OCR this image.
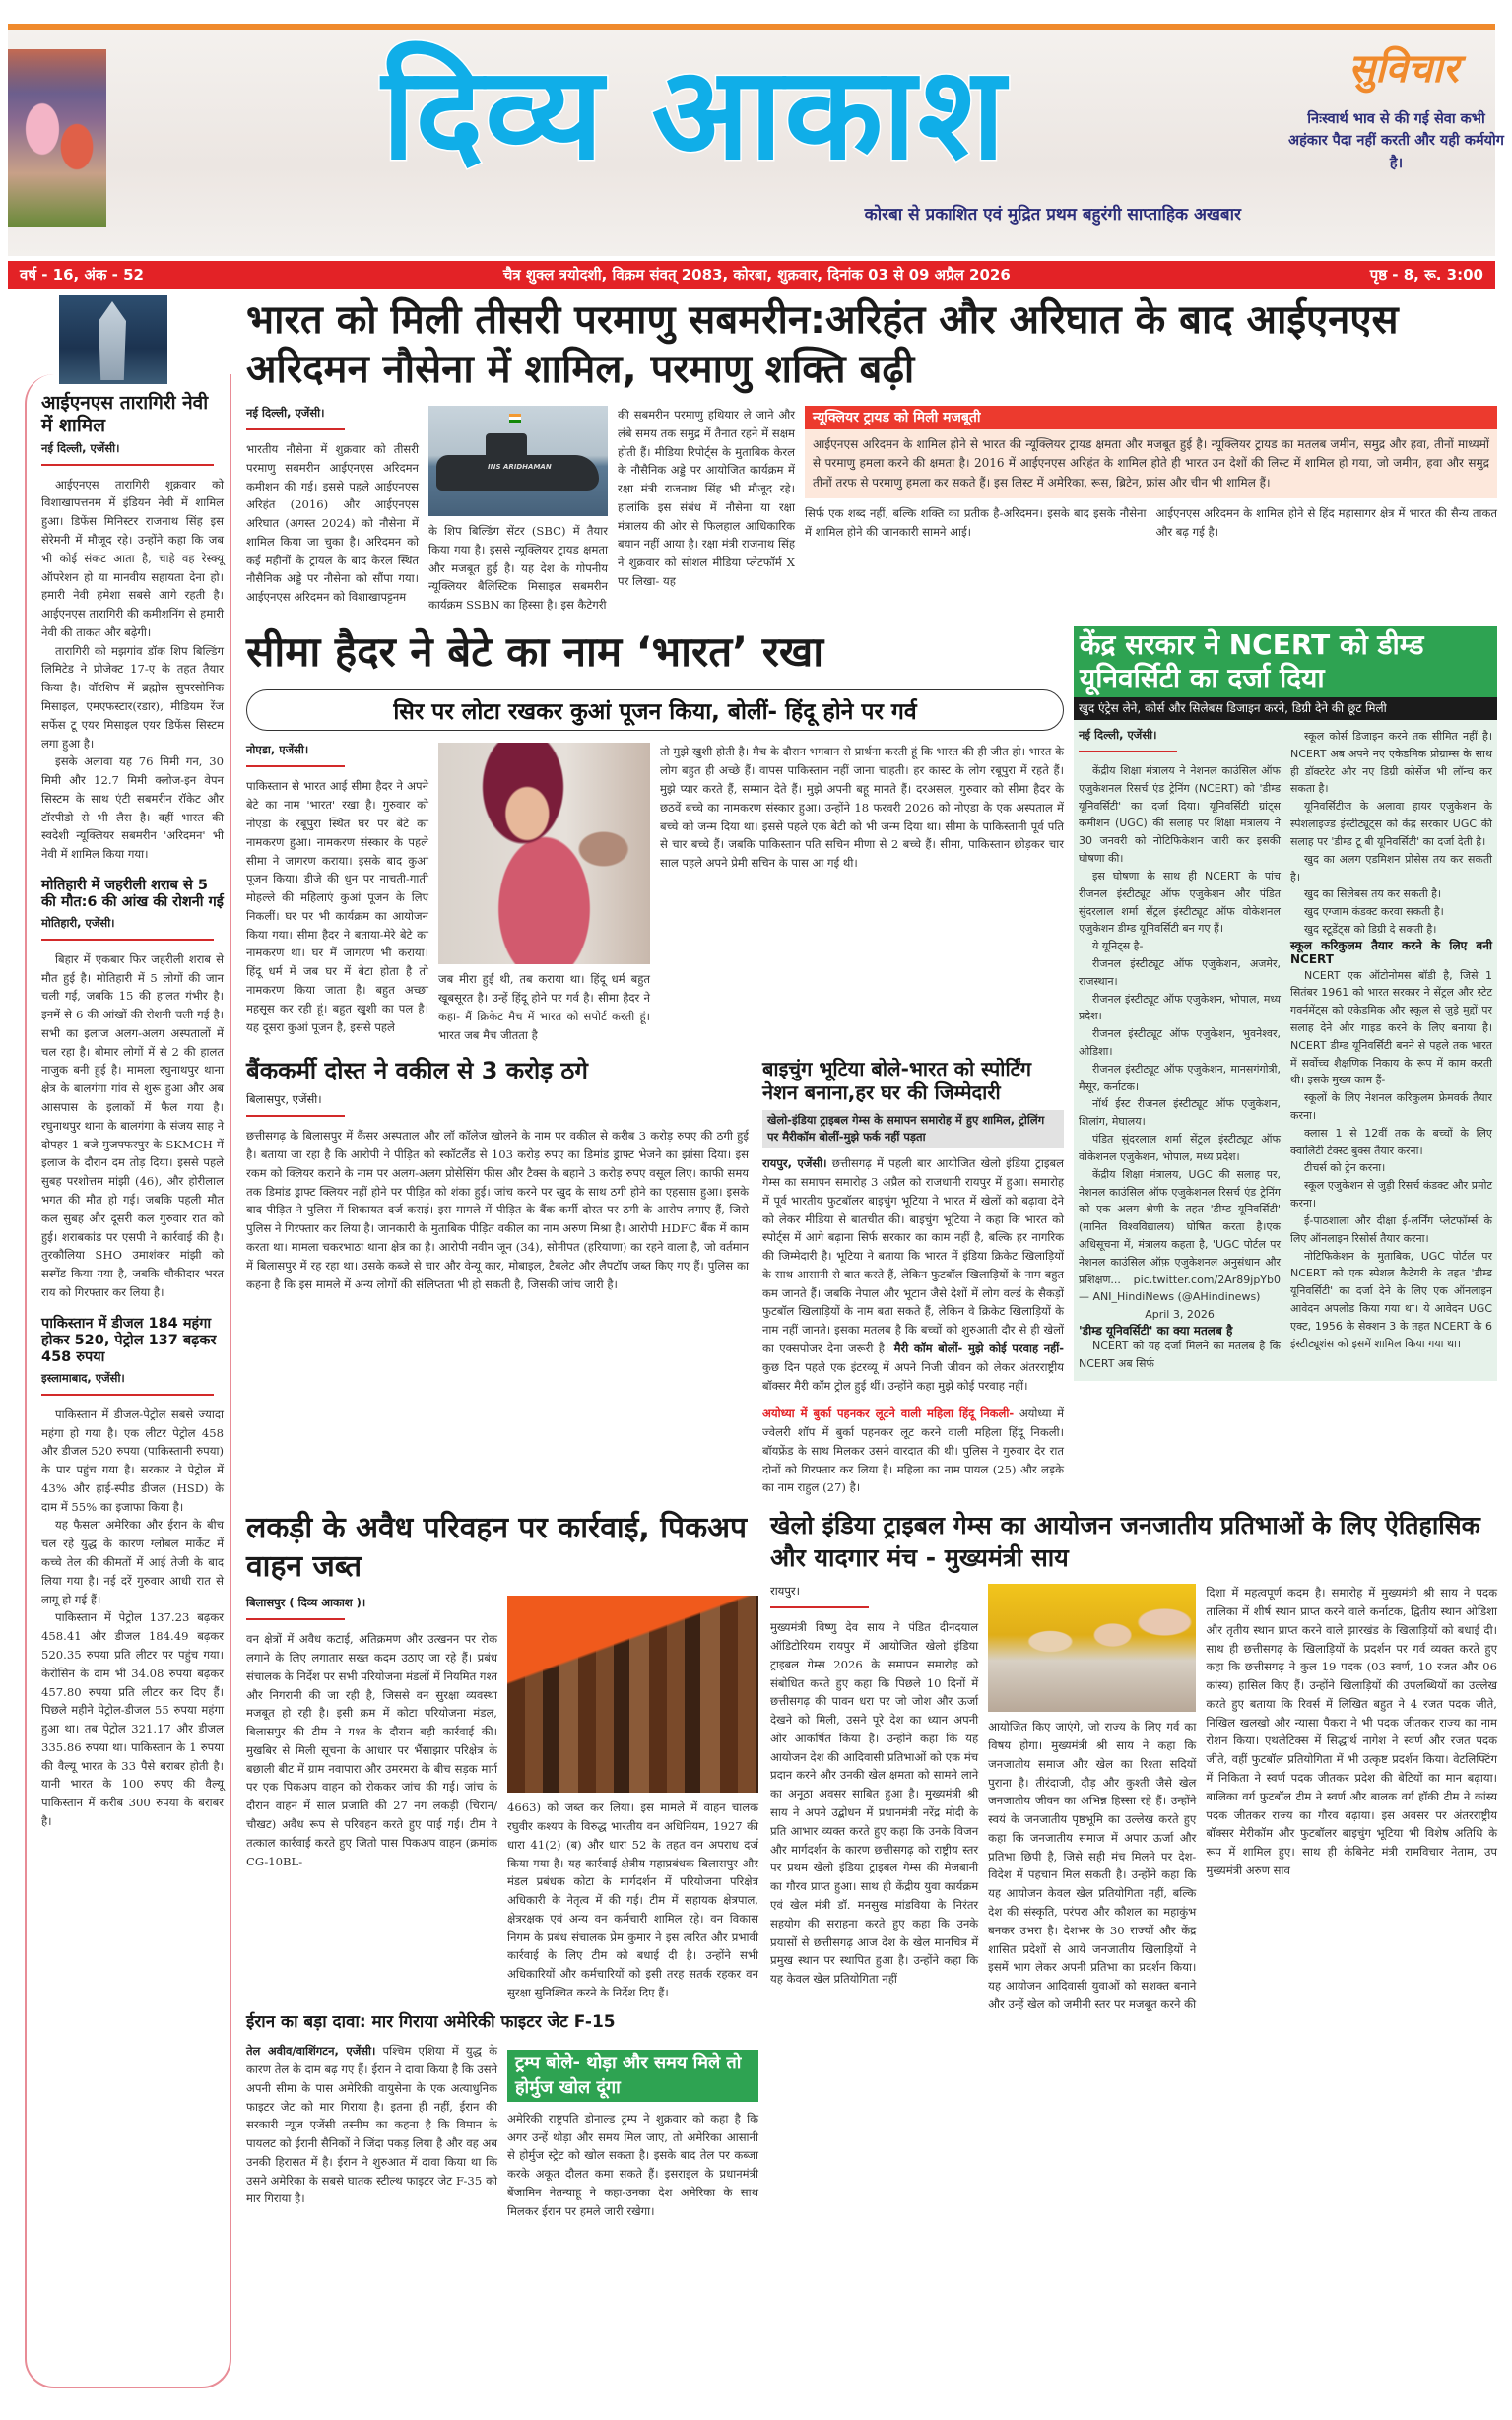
दिव्य आकाश
कोरबा से प्रकाशित एवं मुद्रित प्रथम बहुरंगी साप्ताहिक अखबार
सुविचार
निःस्वार्थ भाव से की गई सेवा कभी अहंकार पैदा नहीं करती और यही कर्मयोग है।
वर्ष - 16, अंक - 52	चैत्र शुक्ल त्रयोदशी, विक्रम संवत् 2083, कोरबा, शुक्रवार, दिनांक 03 से 09 अप्रैल 2026	पृष्ठ - 8, रू. 3:00
आईएनएस तारागिरी नेवी में शामिल
नई दिल्ली, एजेंसी।

आईएनएस तारागिरी शुक्रवार को विशाखापत्तनम में इंडियन नेवी में शामिल हुआ। डिफेंस मिनिस्टर राजनाथ सिंह इस सेरेमनी में मौजूद रहे। उन्होंने कहा कि जब भी कोई संकट आता है, चाहे वह रेस्क्यू ऑपरेशन हो या मानवीय सहायता देना हो। हमारी नेवी हमेशा सबसे आगे रहती है। आईएनएस तारागिरी की कमीशनिंग से हमारी नेवी की ताकत और बढ़ेगी।

तारागिरी को मझगांव डॉक शिप बिल्डिंग लिमिटेड ने प्रोजेक्ट 17-ए के तहत तैयार किया है। वॉरशिप में ब्रह्मोस सुपरसोनिक मिसाइल, एमएफस्टार(रडार), मीडियम रेंज सर्फेस टू एयर मिसाइल एयर डिफेंस सिस्टम लगा हुआ है।

इसके अलावा यह 76 मिमी गन, 30 मिमी और 12.7 मिमी क्लोज-इन वेपन सिस्टम के साथ एंटी सबमरीन रॉकेट और टॉरपीडो से भी लैस है। वहीं भारत की स्वदेशी न्यूक्लियर सबमरीन 'अरिदमन' भी नेवी में शामिल किया गया।

मोतिहारी में जहरीली शराब से 5 की मौत:6 की आंख की रोशनी गई
मोतिहारी, एजेंसी।

बिहार में एकबार फिर जहरीली शराब से मौत हुई है। मोतिहारी में 5 लोगों की जान चली गई, जबकि 15 की हालत गंभीर है। इनमें से 6 की आंखों की रोशनी चली गई है। सभी का इलाज अलग-अलग अस्पतालों में चल रहा है। बीमार लोगों में से 2 की हालत नाजुक बनी हुई है। मामला रघुनाथपुर थाना क्षेत्र के बालगंगा गांव से शुरू हुआ और अब आसपास के इलाकों में फैल गया है। रघुनाथपुर थाना के बालगंगा के संजय साह ने दोपहर 1 बजे मुजफ्फरपुर के SKMCH में इलाज के दौरान दम तोड़ दिया। इससे पहले सुबह परशोत्तम मांझी (46), और होरीलाल भगत की मौत हो गई। जबकि पहली मौत कल सुबह और दूसरी कल गुरुवार रात को हुई। शराबकांड पर एसपी ने कार्रवाई की है। तुरकौलिया SHO उमाशंकर मांझी को सस्पेंड किया गया है, जबकि चौकीदार भरत राय को गिरफ्तार कर लिया है।

पाकिस्तान में डीजल 184 महंगा होकर 520, पेट्रोल 137 बढ़कर 458 रुपया
इस्लामाबाद, एजेंसी।

पाकिस्तान में डीजल-पेट्रोल सबसे ज्यादा महंगा हो गया है। एक लीटर पेट्रोल 458 और डीजल 520 रुपया (पाकिस्तानी रुपया) के पार पहुंच गया है। सरकार ने पेट्रोल में 43% और हाई-स्पीड डीजल (HSD) के दाम में 55% का इजाफा किया है।

यह फैसला अमेरिका और ईरान के बीच चल रहे युद्ध के कारण ग्लोबल मार्केट में कच्चे तेल की कीमतों में आई तेजी के बाद लिया गया है। नई दरें गुरुवार आधी रात से लागू हो गई हैं।

पाकिस्तान में पेट्रोल 137.23 बढ़कर 458.41 और डीजल 184.49 बढ़कर 520.35 रुपया प्रति लीटर पर पहुंच गया। केरोसिन के दाम भी 34.08 रुपया बढ़कर 457.80 रुपया प्रति लीटर कर दिए हैं। पिछले महीने पेट्रोल-डीजल 55 रुपया महंगा हुआ था। तब पेट्रोल 321.17 और डीजल 335.86 रुपया था। पाकिस्तान के 1 रुपया की वैल्यू भारत के 33 पैसे बराबर होती है। यानी भारत के 100 रुपए की वैल्यू पाकिस्तान में करीब 300 रुपया के बराबर है।

भारत को मिली तीसरी परमाणु सबमरीन:अरिहंत और अरिघात के बाद आईएनएस अरिदमन नौसेना में शामिल, परमाणु शक्ति बढ़ी
नई दिल्ली, एजेंसी।
भारतीय नौसेना में शुक्रवार को तीसरी परमाणु सबमरीन आईएनएस अरिदमन कमीशन की गई। इससे पहले आईएनएस अरिहंत (2016) और आईएनएस अरिघात (अगस्त 2024) को नौसेना में शामिल किया जा चुका है। अरिदमन को कई महीनों के ट्रायल के बाद केरल स्थित नौसैनिक अड्डे पर नौसेना को सौंपा गया। आईएनएस अरिदमन को विशाखापट्टनम
INS ARIDHAMAN
के शिप बिल्डिंग सेंटर (SBC) में तैयार किया गया है। इससे न्यूक्लियर ट्रायड क्षमता और मजबूत हुई है। यह देश के गोपनीय न्यूक्लियर बैलिस्टिक मिसाइल सबमरीन कार्यक्रम SSBN का हिस्सा है। इस कैटेगरी
की सबमरीन परमाणु हथियार ले जाने और लंबे समय तक समुद्र में तैनात रहने में सक्षम होती हैं। मीडिया रिपोर्ट्स के मुताबिक केरल के नौसैनिक अड्डे पर आयोजित कार्यक्रम में रक्षा मंत्री राजनाथ सिंह भी मौजूद रहे। हालांकि इस संबंध में नौसेना या रक्षा मंत्रालय की ओर से फिलहाल आधिकारिक बयान नहीं आया है। रक्षा मंत्री राजनाथ सिंह ने शुक्रवार को सोशल मीडिया प्लेटफॉर्म X पर लिखा- यह
न्यूक्लियर ट्रायड को मिली मजबूती
आईएनएस अरिदमन के शामिल होने से भारत की न्यूक्लियर ट्रायड क्षमता और मजबूत हुई है। न्यूक्लियर ट्रायड का मतलब जमीन, समुद्र और हवा, तीनों माध्यमों से परमाणु हमला करने की क्षमता है। 2016 में आईएनएस अरिहंत के शामिल होते ही भारत उन देशों की लिस्ट में शामिल हो गया, जो जमीन, हवा और समुद्र तीनों तरफ से परमाणु हमला कर सकते हैं। इस लिस्ट में अमेरिका, रूस, ब्रिटेन, फ्रांस और चीन भी शामिल हैं।
सिर्फ एक शब्द नहीं, बल्कि शक्ति का प्रतीक है-अरिदमन। इसके बाद इसके नौसेना में शामिल होने की जानकारी सामने आई।
आईएनएस अरिदमन के शामिल होने से हिंद महासागर क्षेत्र में भारत की सैन्य ताकत और बढ़ गई है।
सीमा हैदर ने बेटे का नाम ‘भारत’ रखा
सिर पर लोटा रखकर कुआं पूजन किया, बोलीं- हिंदू होने पर गर्व
नोएडा, एजेंसी।
पाकिस्तान से भारत आई सीमा हैदर ने अपने बेटे का नाम 'भारत' रखा है। गुरुवार को नोएडा के रबूपुरा स्थित घर पर बेटे का नामकरण हुआ। नामकरण संस्कार के पहले सीमा ने जागरण कराया। इसके बाद कुआं पूजन किया। डीजे की धुन पर नाचती-गाती मोहल्ले की महिलाएं कुआं पूजन के लिए निकलीं। घर पर भी कार्यक्रम का आयोजन किया गया। सीमा हैदर ने बताया-मेरे बेटे का नामकरण था। घर में जागरण भी कराया। हिंदू धर्म में जब घर में बेटा होता है तो नामकरण किया जाता है। बहुत अच्छा महसूस कर रही हूं। बहुत खुशी का पल है। यह दूसरा कुआं पूजन है, इससे पहले
जब मीरा हुई थी, तब कराया था। हिंदू धर्म बहुत खूबसूरत है। उन्हें हिंदू होने पर गर्व है। सीमा हैदर ने कहा- मैं क्रिकेट मैच में भारत को सपोर्ट करती हूं। भारत जब मैच जीतता है
तो मुझे खुशी होती है। मैच के दौरान भगवान से प्रार्थना करती हूं कि भारत की ही जीत हो। भारत के लोग बहुत ही अच्छे हैं। वापस पाकिस्तान नहीं जाना चाहती। हर कास्ट के लोग रबूपुरा में रहते हैं। मुझे प्यार करते हैं, सम्मान देते हैं। मुझे अपनी बहू मानते हैं। दरअसल, गुरुवार को सीमा हैदर के छठवें बच्चे का नामकरण संस्कार हुआ। उन्होंने 18 फरवरी 2026 को नोएडा के एक अस्पताल में बच्चे को जन्म दिया था। इससे पहले एक बेटी को भी जन्म दिया था। सीमा के पाकिस्तानी पूर्व पति से चार बच्चे हैं। जबकि पाकिस्तान पति सचिन मीणा से 2 बच्चे हैं। सीमा, पाकिस्तान छोड़कर चार साल पहले अपने प्रेमी सचिन के पास आ गई थी।
बैंककर्मी दोस्त ने वकील से 3 करोड़ ठगे
बिलासपुर, एजेंसी।
छत्तीसगढ़ के बिलासपुर में कैंसर अस्पताल और लॉ कॉलेज खोलने के नाम पर वकील से करीब 3 करोड़ रुपए की ठगी हुई है। बताया जा रहा है कि आरोपी ने पीड़ित को स्कॉटलैंड से 103 करोड़ रुपए का डिमांड ड्राफ्ट भेजने का झांसा दिया। इस रकम को क्लियर कराने के नाम पर अलग-अलग प्रोसेसिंग फीस और टैक्स के बहाने 3 करोड़ रुपए वसूल लिए। काफी समय तक डिमांड ड्राफ्ट क्लियर नहीं होने पर पीड़ित को शंका हुई। जांच करने पर खुद के साथ ठगी होने का एहसास हुआ। इसके बाद पीड़ित ने पुलिस में शिकायत दर्ज कराई। इस मामले में पीड़ित के बैंक कर्मी दोस्त पर ठगी के आरोप लगाए हैं, जिसे पुलिस ने गिरफ्तार कर लिया है। जानकारी के मुताबिक पीड़ित वकील का नाम अरुण मिश्रा है। आरोपी HDFC बैंक में काम करता था। मामला चकरभाठा थाना क्षेत्र का है। आरोपी नवीन जून (34), सोनीपत (हरियाणा) का रहने वाला है, जो वर्तमान में बिलासपुर में रह रहा था। उसके कब्जे से चार और वेन्यू कार, मोबाइल, टैबलेट और लैपटॉप जब्त किए गए हैं। पुलिस का कहना है कि इस मामले में अन्य लोगों की संलिप्तता भी हो सकती है, जिसकी जांच जारी है।
बाइचुंग भूटिया बोले-भारत को स्पोर्टिंग नेशन बनाना,हर घर की जिम्मेदारी
खेलो-इंडिया ट्राइबल गेम्स के समापन समारोह में हुए शामिल, ट्रोलिंग पर मैरीकॉम बोलीं-मुझे फर्क नहीं पड़ता
रायपुर, एजेंसी। छत्तीसगढ़ में पहली बार आयोजित खेलो इंडिया ट्राइबल गेम्स का समापन समारोह 3 अप्रैल को राजधानी रायपुर में हुआ। समारोह में पूर्व भारतीय फुटबॉलर बाइचुंग भूटिया ने भारत में खेलों को बढ़ावा देने को लेकर मीडिया से बातचीत की। बाइचुंग भूटिया ने कहा कि भारत को स्पोर्ट्स में आगे बढ़ाना सिर्फ सरकार का काम नहीं है, बल्कि हर नागरिक की जिम्मेदारी है। भूटिया ने बताया कि भारत में इंडिया क्रिकेट खिलाड़ियों के साथ आसानी से बात करते हैं, लेकिन फुटबॉल खिलाड़ियों के नाम बहुत कम जानते हैं। जबकि नेपाल और भूटान जैसे देशों में लोग वर्ल्ड के सैकड़ों फुटबॉल खिलाड़ियों के नाम बता सकते हैं, लेकिन वे क्रिकेट खिलाड़ियों के नाम नहीं जानते। इसका मतलब है कि बच्चों को शुरुआती दौर से ही खेलों का एक्सपोजर देना जरूरी है। मैरी कॉम बोलीं- मुझे कोई परवाह नहीं- कुछ दिन पहले एक इंटरव्यू में अपने निजी जीवन को लेकर अंतरराष्ट्रीय बॉक्सर मैरी कॉम ट्रोल हुई थीं। उन्होंने कहा मुझे कोई परवाह नहीं।
अयोध्या में बुर्का पहनकर लूटने वाली महिला हिंदू निकली- अयोध्या में ज्वेलरी शॉप में बुर्का पहनकर लूट करने वाली महिला हिंदू निकली। बॉयफ्रेंड के साथ मिलकर उसने वारदात की थी। पुलिस ने गुरुवार देर रात दोनों को गिरफ्तार कर लिया है। महिला का नाम पायल (25) और लड़के का नाम राहुल (27) है।
केंद्र सरकार ने NCERT को डीम्ड यूनिवर्सिटी का दर्जा दिया
खुद एंट्रेस लेने, कोर्स और सिलेबस डिजाइन करने, डिग्री देने की छूट मिली
नई दिल्ली, एजेंसी।

केंद्रीय शिक्षा मंत्रालय ने नेशनल काउंसिल ऑफ एजुकेशनल रिसर्च एंड ट्रेनिंग (NCERT) को 'डीम्ड यूनिवर्सिटी' का दर्जा दिया। यूनिवर्सिटी ग्रांट्स कमीशन (UGC) की सलाह पर शिक्षा मंत्रालय ने 30 जनवरी को नोटिफिकेशन जारी कर इसकी घोषणा की।

इस घोषणा के साथ ही NCERT के पांच रीजनल इंस्टीट्यूट ऑफ एजुकेशन और पंडित सुंदरलाल शर्मा सेंट्रल इंस्टीट्यूट ऑफ वोकेशनल एजुकेशन डीम्ड यूनिवर्सिटी बन गए हैं।

ये यूनिट्स है-

रीजनल इंस्टीट्यूट ऑफ एजुकेशन, अजमेर, राजस्थान।

रीजनल इंस्टीट्यूट ऑफ एजुकेशन, भोपाल, मध्य प्रदेश।

रीजनल इंस्टीट्यूट ऑफ एजुकेशन, भुवनेश्वर, ओडिशा।

रीजनल इंस्टीट्यूट ऑफ एजुकेशन, मानसगंगोत्री, मैसूर, कर्नाटक।

नॉर्थ ईस्ट रीजनल इंस्टीट्यूट ऑफ एजुकेशन, शिलांग, मेघालय।

पंडित सुंदरलाल शर्मा सेंट्रल इंस्टीट्यूट ऑफ वोकेशनल एजुकेशन, भोपाल, मध्य प्रदेश।

केंद्रीय शिक्षा मंत्रालय, UGC की सलाह पर, नेशनल काउंसिल ऑफ एजुकेशनल रिसर्च एंड ट्रेनिंग को एक अलग श्रेणी के तहत 'डीम्ड यूनिवर्सिटी' (मानित विश्वविद्यालय) घोषित करता है।एक अधिसूचना में, मंत्रालय कहता है, 'UGC पोर्टल पर नेशनल काउंसिल ऑफ़ एजुकेशनल अनुसंधान और प्रशिक्षण... pic.twitter.com/2Ar89jpYb0— ANI_HindiNews (@AHindinews)

April 3, 2026

'डीम्ड यूनिवर्सिटी' का क्या मतलब है

NCERT को यह दर्जा मिलने का मतलब है कि NCERT अब सिर्फ

स्कूल कोर्स डिजाइन करने तक सीमित नहीं है। NCERT अब अपने नए एकेडमिक प्रोग्राम्स के साथ ही डॉक्टरेट और नए डिग्री कोर्सेज भी लॉन्च कर सकता है।

यूनिवर्सिटीज के अलावा हायर एजुकेशन के स्पेशलाइज्ड इंस्टीट्यूट्स को केंद्र सरकार UGC की सलाह पर 'डीम्ड टू बी यूनिवर्सिटी' का दर्जा देती है।

खुद का अलग एडमिशन प्रोसेस तय कर सकती है।

खुद का सिलेबस तय कर सकती है।

खुद एग्जाम कंडक्ट करवा सकती है।

खुद स्टूडेंट्स को डिग्री दे सकती है।

स्कूल करिकुलम तैयार करने के लिए बनी NCERT

NCERT एक ऑटोनोमस बॉडी है, जिसे 1 सितंबर 1961 को भारत सरकार ने सेंट्रल और स्टेट गवर्नमेंट्स को एकेडमिक और स्कूल से जुड़े मुद्दों पर सलाह देने और गाइड करने के लिए बनाया है। NCERT डीम्ड यूनिवर्सिटी बनने से पहले तक भारत में सर्वोच्च शैक्षणिक निकाय के रूप में काम करती थी। इसके मुख्य काम हैं-

स्कूलों के लिए नेशनल करिकुलम फ्रेमवर्क तैयार करना।

क्लास 1 से 12वीं तक के बच्चों के लिए क्वालिटी टेक्स्ट बुक्स तैयार करना।

टीचर्स को ट्रेन करना।

स्कूल एजुकेशन से जुड़ी रिसर्च कंडक्ट और प्रमोट करना।

ई-पाठशाला और दीक्षा ई-लर्निंग प्लेटफॉर्म्स के लिए ऑनलाइन रिसोर्स तैयार करना।

नोटिफिकेशन के मुताबिक, UGC पोर्टल पर NCERT को एक स्पेशल कैटेगरी के तहत 'डीम्ड यूनिवर्सिटी' का दर्जा देने के लिए एक ऑनलाइन आवेदन अपलोड किया गया था। ये आवेदन UGC एक्ट, 1956 के सेक्शन 3 के तहत NCERT के 6 इंस्टीट्यूशंस को इसमें शामिल किया गया था।

लकड़ी के अवैध परिवहन पर कार्रवाई, पिकअप वाहन जब्त
बिलासपुर ( दिव्य आकाश )।
वन क्षेत्रों में अवैध कटाई, अतिक्रमण और उत्खनन पर रोक लगाने के लिए लगातार सख्त कदम उठाए जा रहे हैं। प्रबंध संचालक के निर्देश पर सभी परियोजना मंडलों में नियमित गश्त और निगरानी की जा रही है, जिससे वन सुरक्षा व्यवस्था मजबूत हो रही है। इसी क्रम में कोटा परियोजना मंडल, बिलासपुर की टीम ने गश्त के दौरान बड़ी कार्रवाई की। मुखबिर से मिली सूचना के आधार पर भैंसाझार परिक्षेत्र के बछाली बीट में ग्राम नवापारा और उमरमरा के बीच सड़क मार्ग पर एक पिकअप वाहन को रोककर जांच की गई। जांच के दौरान वाहन में साल प्रजाति की 27 नग लकड़ी (चिरान/चौखट) अवैध रूप से परिवहन करते हुए पाई गई। टीम ने तत्काल कार्रवाई करते हुए जितो पास पिकअप वाहन (क्रमांक CG-10BL-
4663) को जब्त कर लिया। इस मामले में वाहन चालक रघुवीर कश्यप के विरुद्ध भारतीय वन अधिनियम, 1927 की धारा 41(2) (ब) और धारा 52 के तहत वन अपराध दर्ज किया गया है। यह कार्रवाई क्षेत्रीय महाप्रबंधक बिलासपुर और मंडल प्रबंधक कोटा के मार्गदर्शन में परियोजना परिक्षेत्र अधिकारी के नेतृत्व में की गई। टीम में सहायक क्षेत्रपाल, क्षेत्ररक्षक एवं अन्य वन कर्मचारी शामिल रहे। वन विकास निगम के प्रबंध संचालक प्रेम कुमार ने इस त्वरित और प्रभावी कार्रवाई के लिए टीम को बधाई दी है। उन्होंने सभी अधिकारियों और कर्मचारियों को इसी तरह सतर्क रहकर वन सुरक्षा सुनिश्चित करने के निर्देश दिए हैं।
ईरान का बड़ा दावा: मार गिराया अमेरिकी फाइटर जेट F-15
तेल अवीव/वाशिंगटन, एजेंसी। पश्चिम एशिया में युद्ध के कारण तेल के दाम बढ़ गए हैं। ईरान ने दावा किया है कि उसने अपनी सीमा के पास अमेरिकी वायुसेना के एक अत्याधुनिक फाइटर जेट को मार गिराया है। इतना ही नहीं, ईरान की सरकारी न्यूज एजेंसी तस्नीम का कहना है कि विमान के पायलट को ईरानी सैनिकों ने जिंदा पकड़ लिया है और वह अब उनकी हिरासत में है। ईरान ने शुरुआत में दावा किया था कि उसने अमेरिका के सबसे घातक स्टील्थ फाइटर जेट F-35 को मार गिराया है।
ट्रम्प बोले- थोड़ा और समय मिले तो होर्मुज खोल दूंगा
अमेरिकी राष्ट्रपति डोनाल्ड ट्रम्प ने शुक्रवार को कहा है कि अगर उन्हें थोड़ा और समय मिल जाए, तो अमेरिका आसानी से होर्मुज स्ट्रेट को खोल सकता है। इसके बाद तेल पर कब्जा करके अकूत दौलत कमा सकते हैं। इसराइल के प्रधानमंत्री बेंजामिन नेतन्याहू ने कहा-उनका देश अमेरिका के साथ मिलकर ईरान पर हमले जारी रखेगा।
खेलो इंडिया ट्राइबल गेम्स का आयोजन जनजातीय प्रतिभाओं के लिए ऐतिहासिक और यादगार मंच - मुख्यमंत्री साय
रायपुर।
मुख्यमंत्री विष्णु देव साय ने पंडित दीनदयाल ऑडिटोरियम रायपुर में आयोजित खेलो इंडिया ट्राइबल गेम्स 2026 के समापन समारोह को संबोधित करते हुए कहा कि पिछले 10 दिनों में छत्तीसगढ़ की पावन धरा पर जो जोश और ऊर्जा देखने को मिली, उसने पूरे देश का ध्यान अपनी ओर आकर्षित किया है। उन्होंने कहा कि यह आयोजन देश की आदिवासी प्रतिभाओं को एक मंच प्रदान करने और उनकी खेल क्षमता को सामने लाने का अनूठा अवसर साबित हुआ है। मुख्यमंत्री श्री साय ने अपने उद्बोधन में प्रधानमंत्री नरेंद्र मोदी के प्रति आभार व्यक्त करते हुए कहा कि उनके विजन और मार्गदर्शन के कारण छत्तीसगढ़ को राष्ट्रीय स्तर पर प्रथम खेलो इंडिया ट्राइबल गेम्स की मेजबानी का गौरव प्राप्त हुआ। साथ ही केंद्रीय युवा कार्यक्रम एवं खेल मंत्री डॉ. मनसुख मांडविया के निरंतर सहयोग की सराहना करते हुए कहा कि उनके प्रयासों से छत्तीसगढ़ आज देश के खेल मानचित्र में प्रमुख स्थान पर स्थापित हुआ है। उन्होंने कहा कि यह केवल खेल प्रतियोगिता नहीं
आयोजित किए जाएंगे, जो राज्य के लिए गर्व का विषय होगा। मुख्यमंत्री श्री साय ने कहा कि जनजातीय समाज और खेल का रिश्ता सदियों पुराना है। तीरंदाजी, दौड़ और कुश्ती जैसे खेल जनजातीय जीवन का अभिन्न हिस्सा रहे हैं। उन्होंने स्वयं के जनजातीय पृष्ठभूमि का उल्लेख करते हुए कहा कि जनजातीय समाज में अपार ऊर्जा और प्रतिभा छिपी है, जिसे सही मंच मिलने पर देश-विदेश में पहचान मिल सकती है। उन्होंने कहा कि यह आयोजन केवल खेल प्रतियोगिता नहीं, बल्कि देश की संस्कृति, परंपरा और कौशल का महाकुंभ बनकर उभरा है। देशभर के 30 राज्यों और केंद्र शासित प्रदेशों से आये जनजातीय खिलाड़ियों ने इसमें भाग लेकर अपनी प्रतिभा का प्रदर्शन किया। यह आयोजन आदिवासी युवाओं को सशक्त बनाने और उन्हें खेल को जमीनी स्तर पर मजबूत करने की
दिशा में महत्वपूर्ण कदम है। समारोह में मुख्यमंत्री श्री साय ने पदक तालिका में शीर्ष स्थान प्राप्त करने वाले कर्नाटक, द्वितीय स्थान ओडिशा और तृतीय स्थान प्राप्त करने वाले झारखंड के खिलाड़ियों को बधाई दी। साथ ही छत्तीसगढ़ के खिलाड़ियों के प्रदर्शन पर गर्व व्यक्त करते हुए कहा कि छत्तीसगढ़ ने कुल 19 पदक (03 स्वर्ण, 10 रजत और 06 कांस्य) हासिल किए हैं। उन्होंने खिलाड़ियों की उपलब्धियों का उल्लेख करते हुए बताया कि रिवर्स में लिखित बहुत ने 4 रजत पदक जीते, निखिल खलखो और न्यासा पैकरा ने भी पदक जीतकर राज्य का नाम रोशन किया। एथलेटिक्स में सिद्धार्थ नागेश ने स्वर्ण और रजत पदक जीते, वहीं फुटबॉल प्रतियोगिता में भी उत्कृष्ट प्रदर्शन किया। वेटलिफ्टिंग में निकिता ने स्वर्ण पदक जीतकर प्रदेश की बेटियों का मान बढ़ाया। बालिका वर्ग फुटबॉल टीम ने स्वर्ण और बालक वर्ग हॉकी टीम ने कांस्य पदक जीतकर राज्य का गौरव बढ़ाया। इस अवसर पर अंतरराष्ट्रीय बॉक्सर मेरीकॉम और फुटबॉलर बाइचुंग भूटिया भी विशेष अतिथि के रूप में शामिल हुए। साथ ही केबिनेट मंत्री रामविचार नेताम, उप मुख्यमंत्री अरुण साव
